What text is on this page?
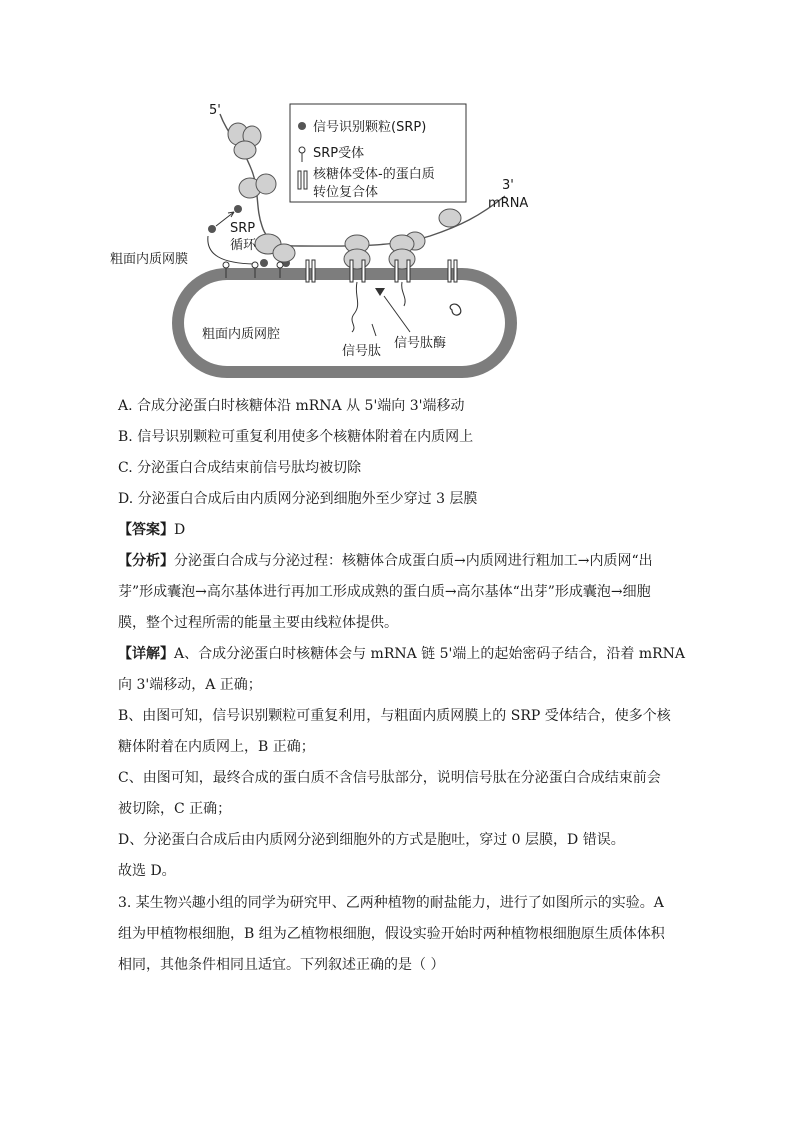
信号识别颗粒(SRP)
SRP受体
核糖体受体-的蛋白质
转位复合体
5'
3'
mRNA
SRP
循环
粗面内质网膜
粗面内质网腔
信号肽
信号肽酶
A. 合成分泌蛋白时核糖体沿 mRNA 从 5'端向 3'端移动
B. 信号识别颗粒可重复利用使多个核糖体附着在内质网上
C. 分泌蛋白合成结束前信号肽均被切除
D. 分泌蛋白合成后由内质网分泌到细胞外至少穿过 3 层膜
【答案】D
【分析】分泌蛋白合成与分泌过程：核糖体合成蛋白质→内质网进行粗加工→内质网“出
芽”形成囊泡→高尔基体进行再加工形成成熟的蛋白质→高尔基体“出芽”形成囊泡→细胞
膜，整个过程所需的能量主要由线粒体提供。
【详解】A、合成分泌蛋白时核糖体会与 mRNA 链 5'端上的起始密码子结合，沿着 mRNA
向 3'端移动，A 正确；
B、由图可知，信号识别颗粒可重复利用，与粗面内质网膜上的 SRP 受体结合，使多个核
糖体附着在内质网上，B 正确；
C、由图可知，最终合成的蛋白质不含信号肽部分，说明信号肽在分泌蛋白合成结束前会
被切除，C 正确；
D、分泌蛋白合成后由内质网分泌到细胞外的方式是胞吐，穿过 0 层膜，D 错误。
故选 D。
3. 某生物兴趣小组的同学为研究甲、乙两种植物的耐盐能力，进行了如图所示的实验。A
组为甲植物根细胞，B 组为乙植物根细胞，假设实验开始时两种植物根细胞原生质体体积
相同，其他条件相同且适宜。下列叙述正确的是（ ）
